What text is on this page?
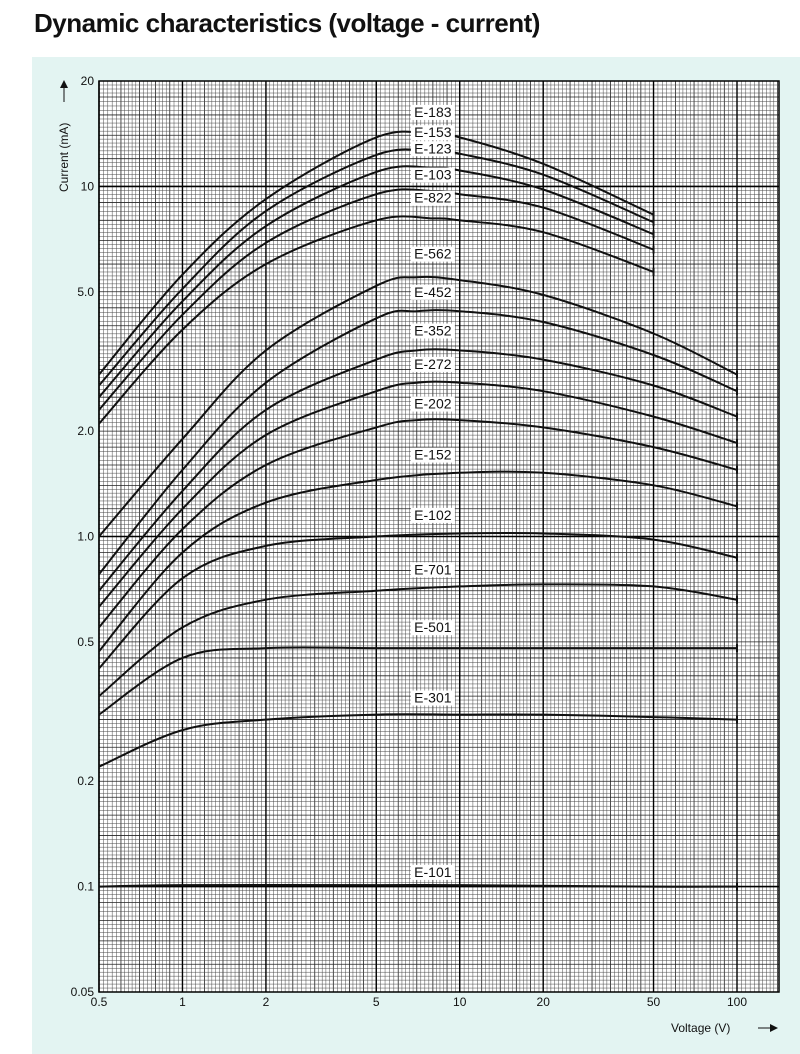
Dynamic characteristics (voltage - current)
0.5	1	2	5	10	20	50	100
0.05
0.1
0.2
0.5
1.0
2.0
5.0
10
20
E-183
E-153
E-123
E-103
E-822
E-562
E-452
E-352
E-272
E-202
E-152
E-102
E-701
E-501
E-301
E-101
Current (mA)
Voltage (V)
